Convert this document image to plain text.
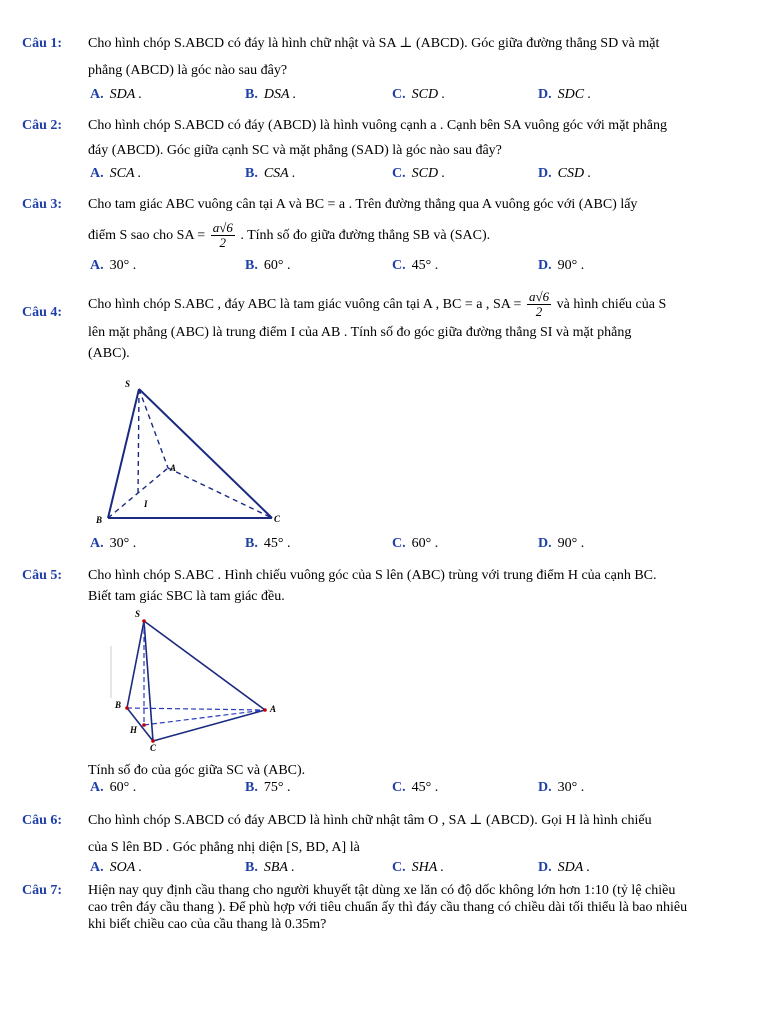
Câu 1: Cho hình chóp S.ABCD có đáy là hình chữ nhật và SA ⊥ (ABCD). Góc giữa đường thẳng SD và mặt
phẳng (ABCD) là góc nào sau đây?
A. SDA .	B. DSA .	C. SCD .	D. SDC .
Câu 2: Cho hình chóp S.ABCD có đáy (ABCD) là hình vuông cạnh a . Cạnh bên SA vuông góc với mặt phẳng
đáy (ABCD). Góc giữa cạnh SC và mặt phẳng (SAD) là góc nào sau đây?
A. SCA .	B. CSA .	C. SCD .	D. CSD .
Câu 3: Cho tam giác ABC vuông cân tại A và BC = a . Trên đường thẳng qua A vuông góc với (ABC) lấy
điểm S sao cho SA = $\frac{a√6}{2}$ . Tính số đo giữa đường thẳng SB và (SAC).
A. 30° .	B. 60° .	C. 45° .	D. 90° .
Câu 4:
Cho hình chóp S.ABC , đáy ABC là tam giác vuông cân tại A , BC = a , SA = $\frac{a√6}{2}$ và hình chiếu của S
lên mặt phẳng (ABC) là trung điểm I của AB . Tính số đo góc giữa đường thẳng SI và mặt phẳng
(ABC).
S
A
I
B	C
A. 30° .	B. 45° .	C. 60° .	D. 90° .
Câu 5: Cho hình chóp S.ABC . Hình chiếu vuông góc của S lên (ABC) trùng với trung điểm H của cạnh BC.
Biết tam giác SBC là tam giác đều.
S
B	A
H
C
Tính số đo của góc giữa SC và (ABC).
A. 60° .	B. 75° .	C. 45° .	D. 30° .
Câu 6: Cho hình chóp S.ABCD có đáy ABCD là hình chữ nhật tâm O , SA ⊥ (ABCD). Gọi H là hình chiếu
của S lên BD . Góc phẳng nhị diện [S, BD, A] là
A. SOA .	B. SBA .	C. SHA .	D. SDA .
Câu 7: Hiện nay quy định cầu thang cho người khuyết tật dùng xe lăn có độ dốc không lớn hơn 1:10 (tỷ lệ chiều
cao trên đáy cầu thang ). Để phù hợp với tiêu chuẩn ấy thì đáy cầu thang có chiều dài tối thiểu là bao nhiêu
khi biết chiều cao của cầu thang là 0.35m?
